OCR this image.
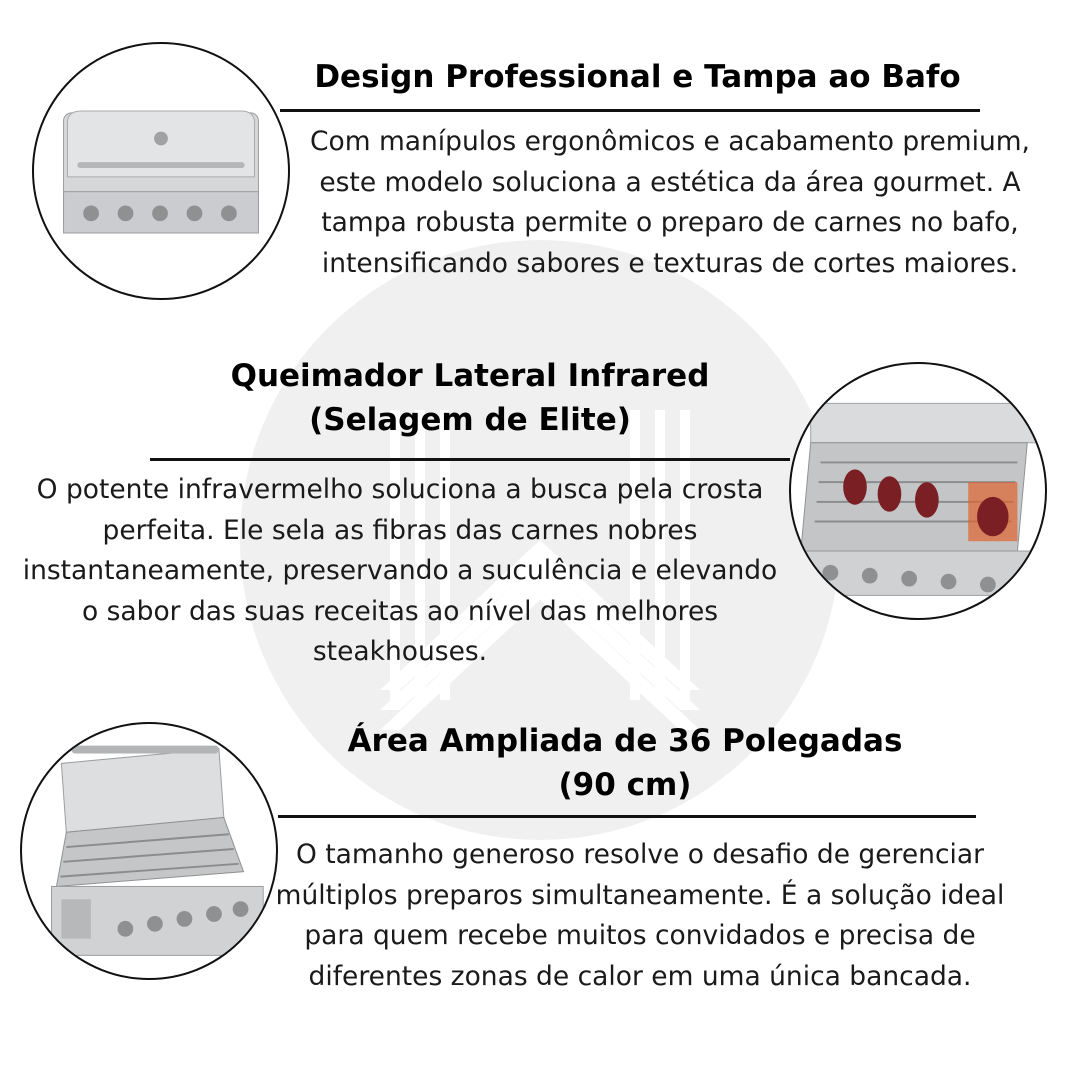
Design Professional e Tampa ao Bafo

Com manípulos ergonômicos e acabamento premium, este modelo soluciona a estética da área gourmet. A tampa robusta permite o preparo de carnes no bafo, intensificando sabores e texturas de cortes maiores.

Queimador Lateral Infrared
(Selagem de Elite)

O potente infravermelho soluciona a busca pela crosta perfeita. Ele sela as fibras das carnes nobres instantaneamente, preservando a suculência e elevando o sabor das suas receitas ao nível das melhores steakhouses.

Área Ampliada de 36 Polegadas
(90 cm)

O tamanho generoso resolve o desafio de gerenciar múltiplos preparos simultaneamente. É a solução ideal para quem recebe muitos convidados e precisa de diferentes zonas de calor em uma única bancada.
